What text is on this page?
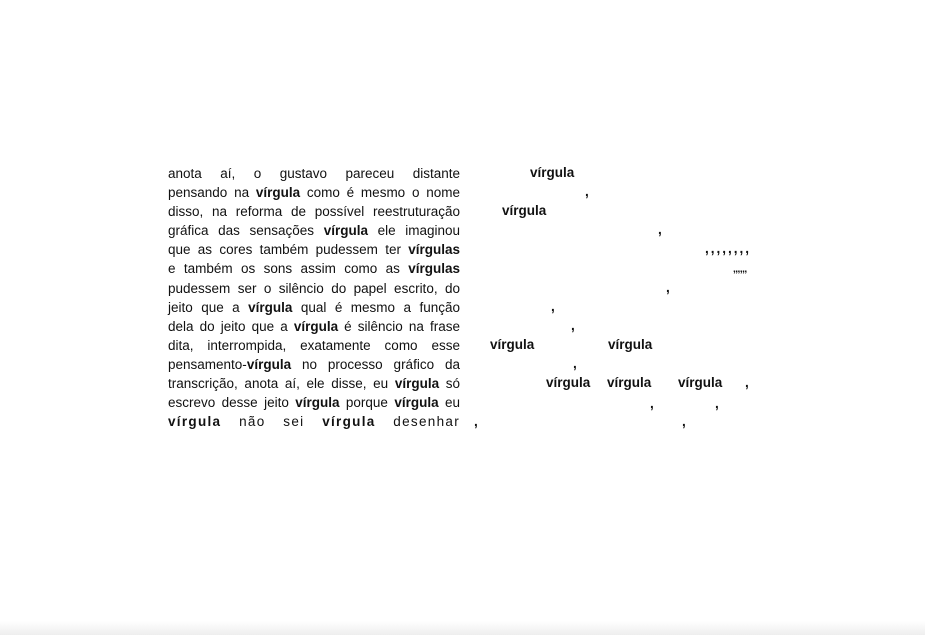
anota aí, o gustavo pareceu distante
pensando na vírgula como é mesmo o nome
disso, na reforma de possível reestruturação
gráfica das sensações vírgula ele imaginou
que as cores também pudessem ter vírgulas
e também os sons assim como as vírgulas
pudessem ser o silêncio do papel escrito, do
jeito que a vírgula qual é mesmo a função
dela do jeito que a vírgula é silêncio na frase
dita, interrompida, exatamente como esse
pensamento-vírgula no processo gráfico da
transcrição, anota aí, ele disse, eu vírgula só
escrevo desse jeito vírgula porque vírgula eu
vírgula não sei vírgula desenhar
vírgula
,
vírgula
,
,,,,,,,,
,,,,,,
,
,
,
vírgula	vírgula
,
vírgula vírgula vírgula ,
,	,
,	,
